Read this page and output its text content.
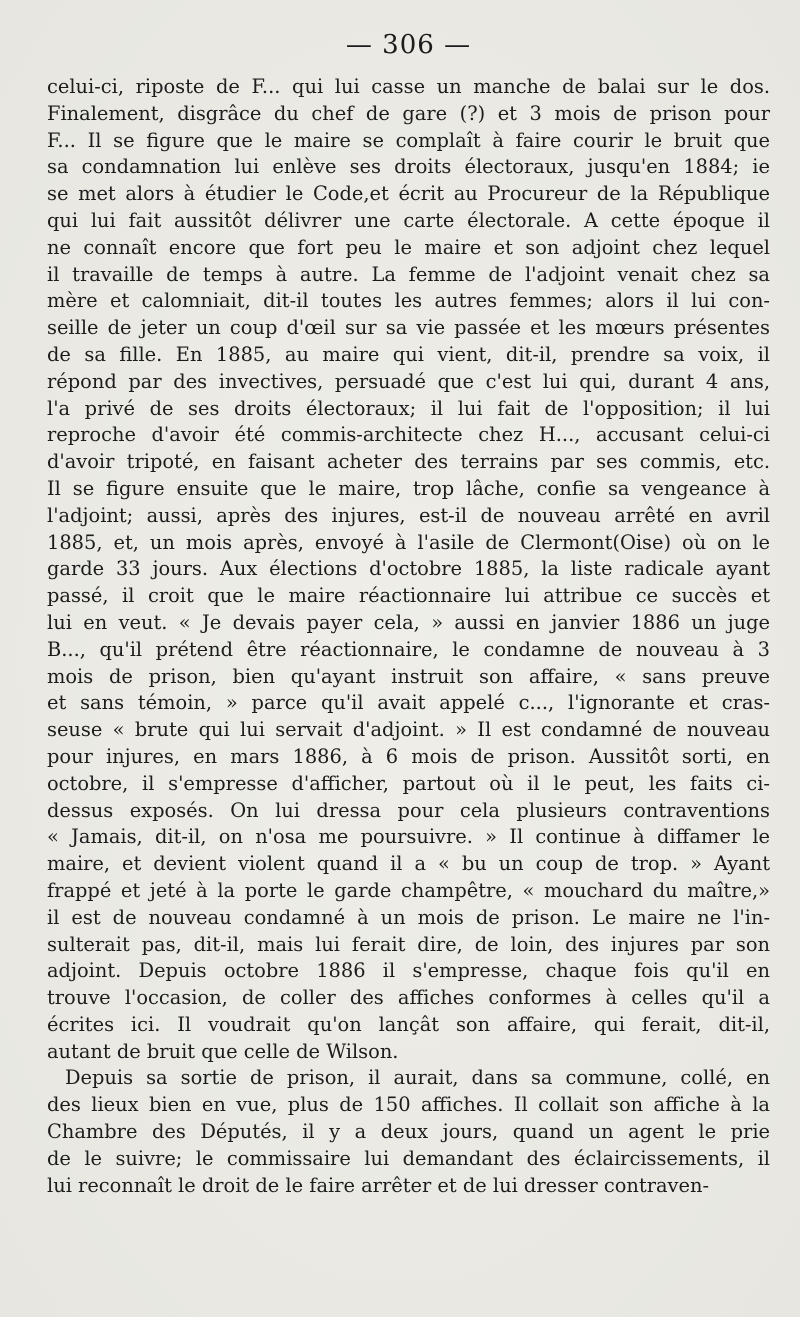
— 306 —
celui-ci, riposte de F... qui lui casse un manche de balai sur le dos.
Finalement, disgrâce du chef de gare (?) et 3 mois de prison pour
F... Il se figure que le maire se complaît à faire courir le bruit que
sa condamnation lui enlève ses droits électoraux, jusqu'en 1884; ie
se met alors à étudier le Code,et écrit au Procureur de la République
qui lui fait aussitôt délivrer une carte électorale. A cette époque il
ne connaît encore que fort peu le maire et son adjoint chez lequel
il travaille de temps à autre. La femme de l'adjoint venait chez sa
mère et calomniait, dit-il toutes les autres femmes; alors il lui con-
seille de jeter un coup d'œil sur sa vie passée et les mœurs présentes
de sa fille. En 1885, au maire qui vient, dit-il, prendre sa voix, il
répond par des invectives, persuadé que c'est lui qui, durant 4 ans,
l'a privé de ses droits électoraux; il lui fait de l'opposition; il lui
reproche d'avoir été commis-architecte chez H..., accusant celui-ci
d'avoir tripoté, en faisant acheter des terrains par ses commis, etc.
Il se figure ensuite que le maire, trop lâche, confie sa vengeance à
l'adjoint; aussi, après des injures, est-il de nouveau arrêté en avril
1885, et, un mois après, envoyé à l'asile de Clermont(Oise) où on le
garde 33 jours. Aux élections d'octobre 1885, la liste radicale ayant
passé, il croit que le maire réactionnaire lui attribue ce succès et
lui en veut. « Je devais payer cela, » aussi en janvier 1886 un juge
B..., qu'il prétend être réactionnaire, le condamne de nouveau à 3
mois de prison, bien qu'ayant instruit son affaire, « sans preuve
et sans témoin, » parce qu'il avait appelé c..., l'ignorante et cras-
seuse « brute qui lui servait d'adjoint. » Il est condamné de nouveau
pour injures, en mars 1886, à 6 mois de prison. Aussitôt sorti, en
octobre, il s'empresse d'afficher, partout où il le peut, les faits ci-
dessus exposés. On lui dressa pour cela plusieurs contraventions
« Jamais, dit-il, on n'osa me poursuivre. » Il continue à diffamer le
maire, et devient violent quand il a « bu un coup de trop. » Ayant
frappé et jeté à la porte le garde champêtre, « mouchard du maître,»
il est de nouveau condamné à un mois de prison. Le maire ne l'in-
sulterait pas, dit-il, mais lui ferait dire, de loin, des injures par son
adjoint. Depuis octobre 1886 il s'empresse, chaque fois qu'il en
trouve l'occasion, de coller des affiches conformes à celles qu'il a
écrites ici. Il voudrait qu'on lançât son affaire, qui ferait, dit-il,
autant de bruit que celle de Wilson.
Depuis sa sortie de prison, il aurait, dans sa commune, collé, en
des lieux bien en vue, plus de 150 affiches. Il collait son affiche à la
Chambre des Députés, il y a deux jours, quand un agent le prie
de le suivre; le commissaire lui demandant des éclaircissements, il
lui reconnaît le droit de le faire arrêter et de lui dresser contraven-
